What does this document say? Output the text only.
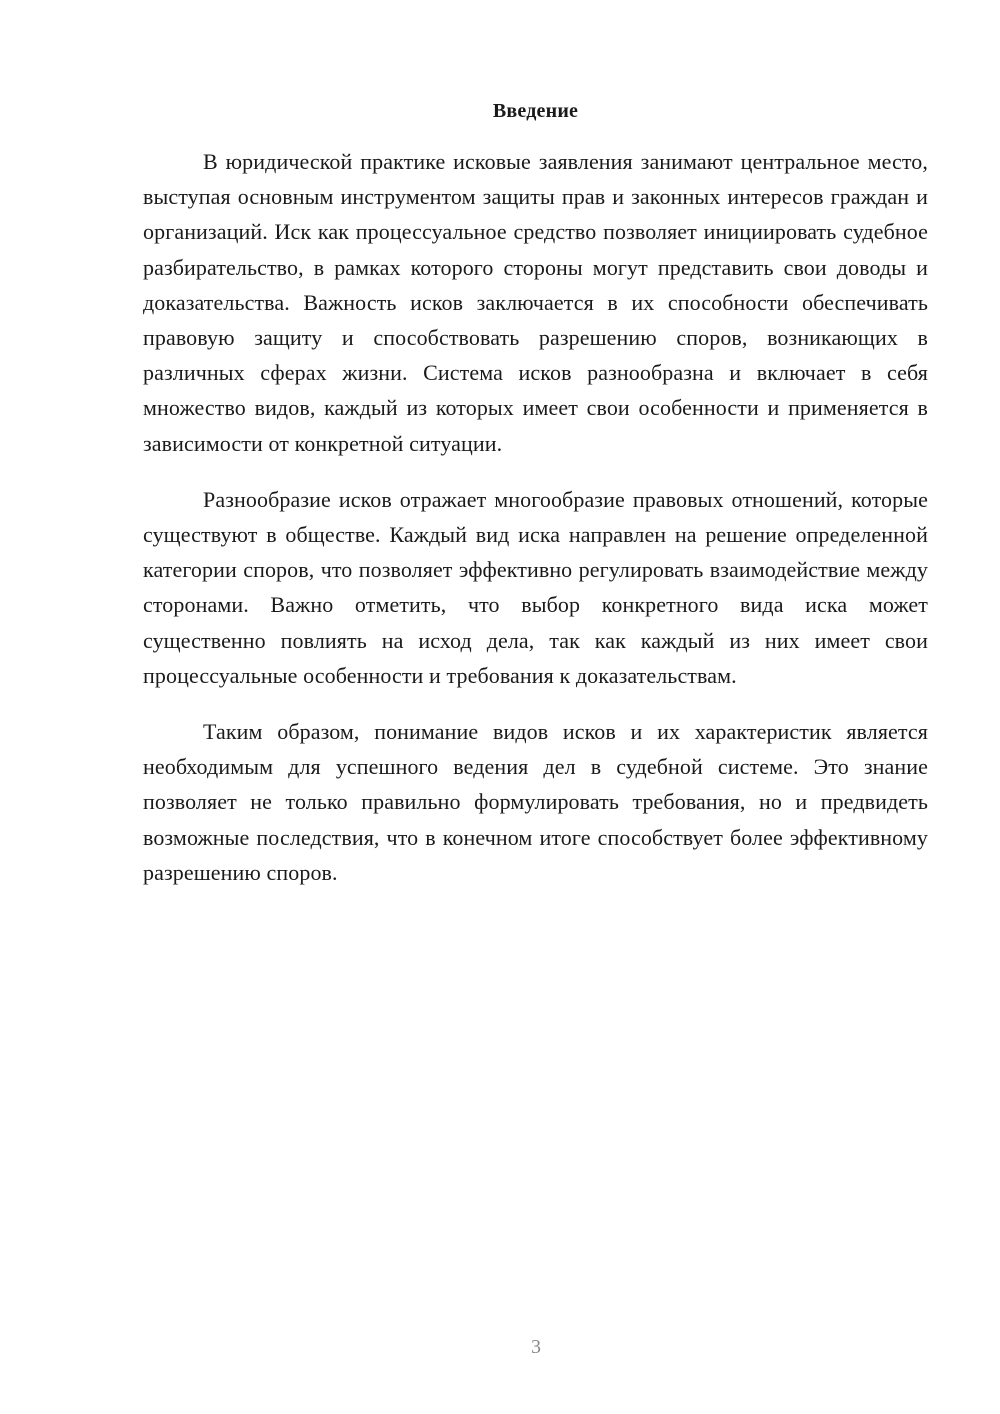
Введение

В юридической практике исковые заявления занимают центральное место, выступая основным инструментом защиты прав и законных интересов граждан и организаций. Иск как процессуальное средство позволяет инициировать судебное разбирательство, в рамках которого стороны могут представить свои доводы и доказательства. Важность исков заключается в их способности обеспечивать правовую защиту и способствовать разрешению споров, возникающих в различных сферах жизни. Система исков разнообразна и включает в себя множество видов, каждый из которых имеет свои особенности и применяется в зависимости от конкретной ситуации.

Разнообразие исков отражает многообразие правовых отношений, которые существуют в обществе. Каждый вид иска направлен на решение определенной категории споров, что позволяет эффективно регулировать взаимодействие между сторонами. Важно отметить, что выбор конкретного вида иска может существенно повлиять на исход дела, так как каждый из них имеет свои процессуальные особенности и требования к доказательствам.

Таким образом, понимание видов исков и их характеристик является необходимым для успешного ведения дел в судебной системе. Это знание позволяет не только правильно формулировать требования, но и предвидеть возможные последствия, что в конечном итоге способствует более эффективному разрешению споров.

3
